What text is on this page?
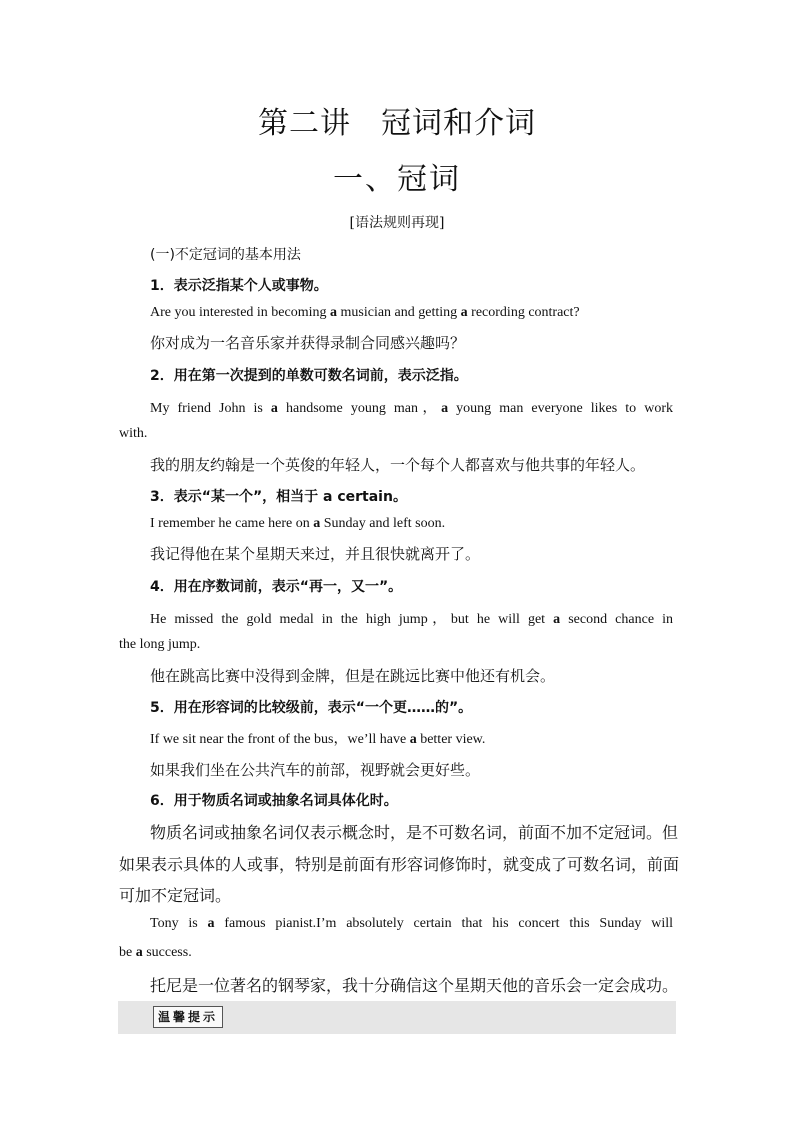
第二讲 冠词和介词
一、冠词
[语法规则再现]
(一)不定冠词的基本用法
1．表示泛指某个人或事物。
Are you interested in becoming a musician and getting a recording contract?
你对成为一名音乐家并获得录制合同感兴趣吗？
2．用在第一次提到的单数可数名词前，表示泛指。
My friend John is a handsome young man，a young man everyone likes to work
with.
我的朋友约翰是一个英俊的年轻人，一个每个人都喜欢与他共事的年轻人。
3．表示“某一个”，相当于 a certain。
I remember he came here on a Sunday and left soon.
我记得他在某个星期天来过，并且很快就离开了。
4．用在序数词前，表示“再一，又一”。
He missed the gold medal in the high jump，but he will get a second chance in
the long jump.
他在跳高比赛中没得到金牌，但是在跳远比赛中他还有机会。
5．用在形容词的比较级前，表示“一个更……的”。
If we sit near the front of the bus，we’ll have a better view.
如果我们坐在公共汽车的前部，视野就会更好些。
6．用于物质名词或抽象名词具体化时。
物质名词或抽象名词仅表示概念时，是不可数名词，前面不加不定冠词。但
如果表示具体的人或事，特别是前面有形容词修饰时，就变成了可数名词，前面
可加不定冠词。
Tony is a famous pianist.I’m absolutely certain that his concert this Sunday will
be a success.
托尼是一位著名的钢琴家，我十分确信这个星期天他的音乐会一定会成功。
温馨提示
